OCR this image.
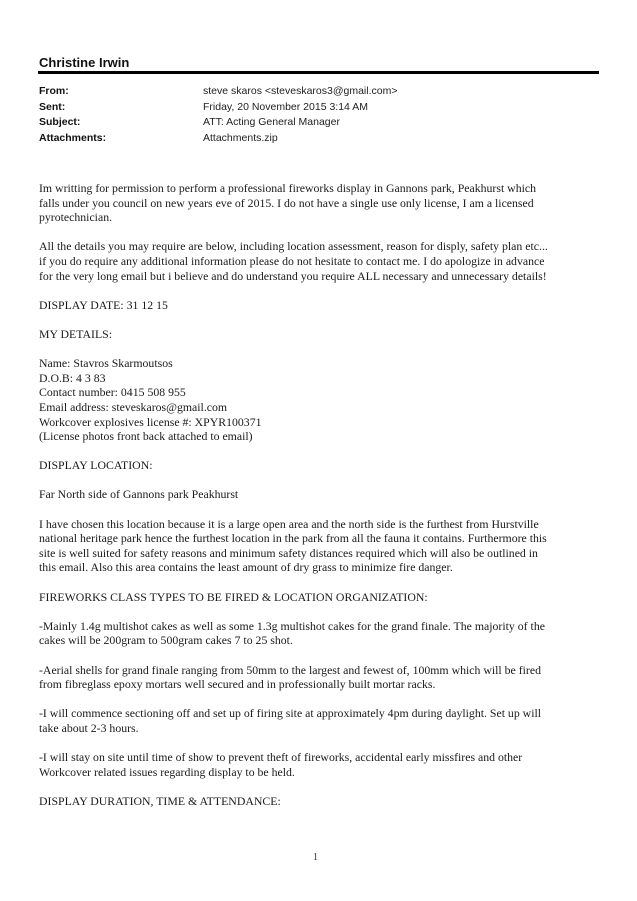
Christine Irwin
From:	steve skaros <steveskaros3@gmail.com>
Sent:	Friday, 20 November 2015 3:14 AM
Subject:	ATT: Acting General Manager
Attachments:	Attachments.zip

Im writting for permission to perform a professional fireworks display in Gannons park, Peakhurst which
falls under you council on new years eve of 2015. I do not have a single use only license, I am a licensed
pyrotechnician.

All the details you may require are below, including location assessment, reason for disply, safety plan etc...
if you do require any additional information please do not hesitate to contact me. I do apologize in advance
for the very long email but i believe and do understand you require ALL necessary and unnecessary details!

DISPLAY DATE: 31 12 15

MY DETAILS:

Name: Stavros Skarmoutsos
D.O.B: 4 3 83
Contact number: 0415 508 955
Email address: steveskaros@gmail.com
Workcover explosives license #: XPYR100371
(License photos front back attached to email)

DISPLAY LOCATION:

Far North side of Gannons park Peakhurst

I have chosen this location because it is a large open area and the north side is the furthest from Hurstville
national heritage park hence the furthest location in the park from all the fauna it contains. Furthermore this
site is well suited for safety reasons and minimum safety distances required which will also be outlined in
this email. Also this area contains the least amount of dry grass to minimize fire danger.

FIREWORKS CLASS TYPES TO BE FIRED & LOCATION ORGANIZATION:

-Mainly 1.4g multishot cakes as well as some 1.3g multishot cakes for the grand finale. The majority of the
cakes will be 200gram to 500gram cakes 7 to 25 shot.

-Aerial shells for grand finale ranging from 50mm to the largest and fewest of, 100mm which will be fired
from fibreglass epoxy mortars well secured and in professionally built mortar racks.

-I will commence sectioning off and set up of firing site at approximately 4pm during daylight. Set up will
take about 2-3 hours.

-I will stay on site until time of show to prevent theft of fireworks, accidental early missfires and other
Workcover related issues regarding display to be held.

DISPLAY DURATION, TIME & ATTENDANCE:

1
